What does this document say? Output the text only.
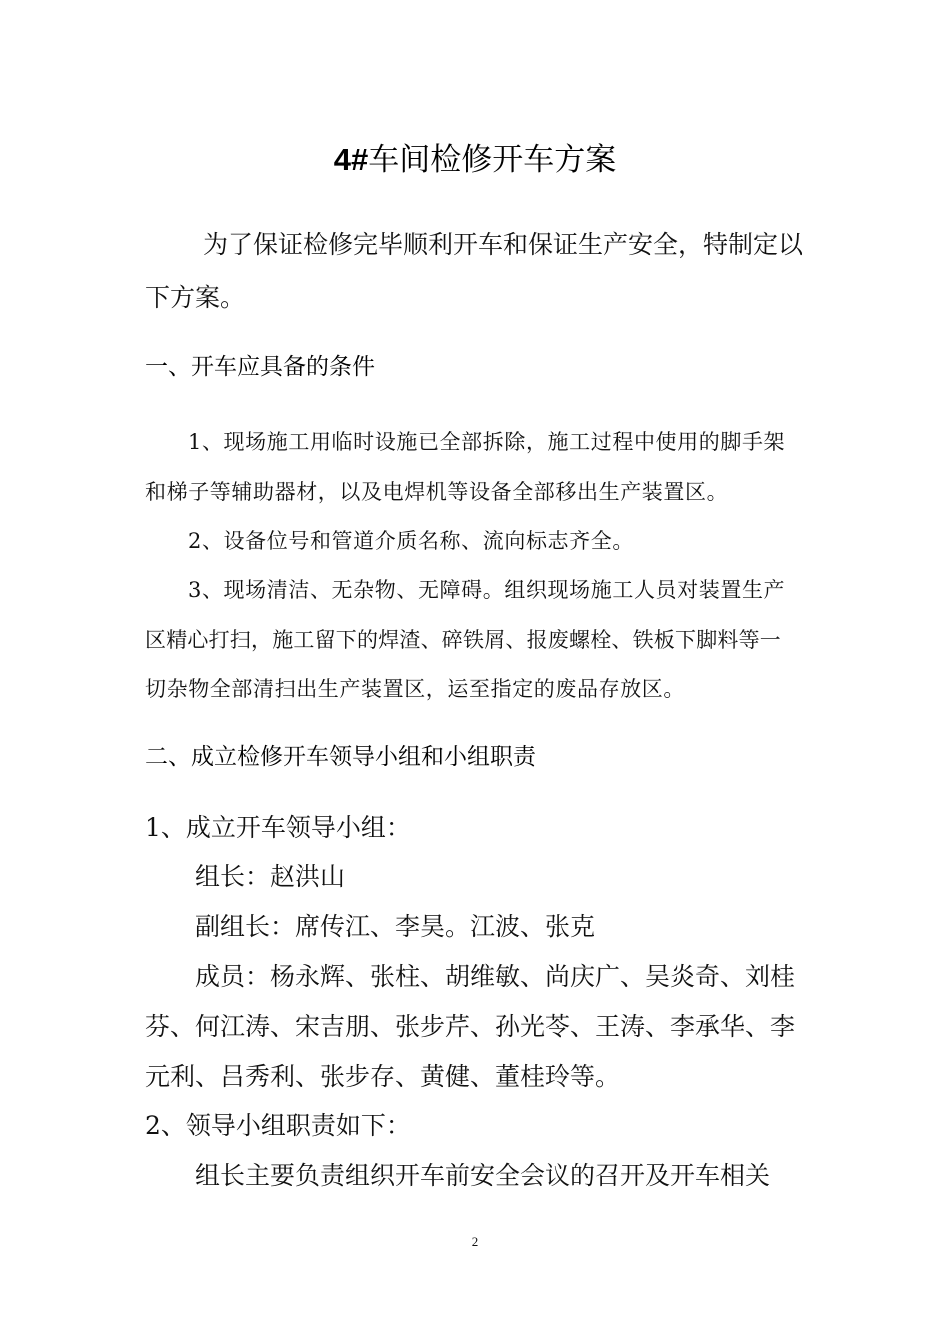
4#车间检修开车方案
为了保证检修完毕顺利开车和保证生产安全，特制定以
下方案。
一、开车应具备的条件
1、现场施工用临时设施已全部拆除，施工过程中使用的脚手架
和梯子等辅助器材，以及电焊机等设备全部移出生产装置区。
2、设备位号和管道介质名称、流向标志齐全。
3、现场清洁、无杂物、无障碍。组织现场施工人员对装置生产
区精心打扫，施工留下的焊渣、碎铁屑、报废螺栓、铁板下脚料等一
切杂物全部清扫出生产装置区，运至指定的废品存放区。
二、成立检修开车领导小组和小组职责
1、成立开车领导小组：
组长：赵洪山
副组长：席传江、李昊。江波、张克
成员：杨永辉、张柱、胡维敏、尚庆广、吴炎奇、刘桂
芬、何江涛、宋吉朋、张步芹、孙光苓、王涛、李承华、李
元利、吕秀利、张步存、黄健、董桂玲等。
2、领导小组职责如下：
组长主要负责组织开车前安全会议的召开及开车相关
2
